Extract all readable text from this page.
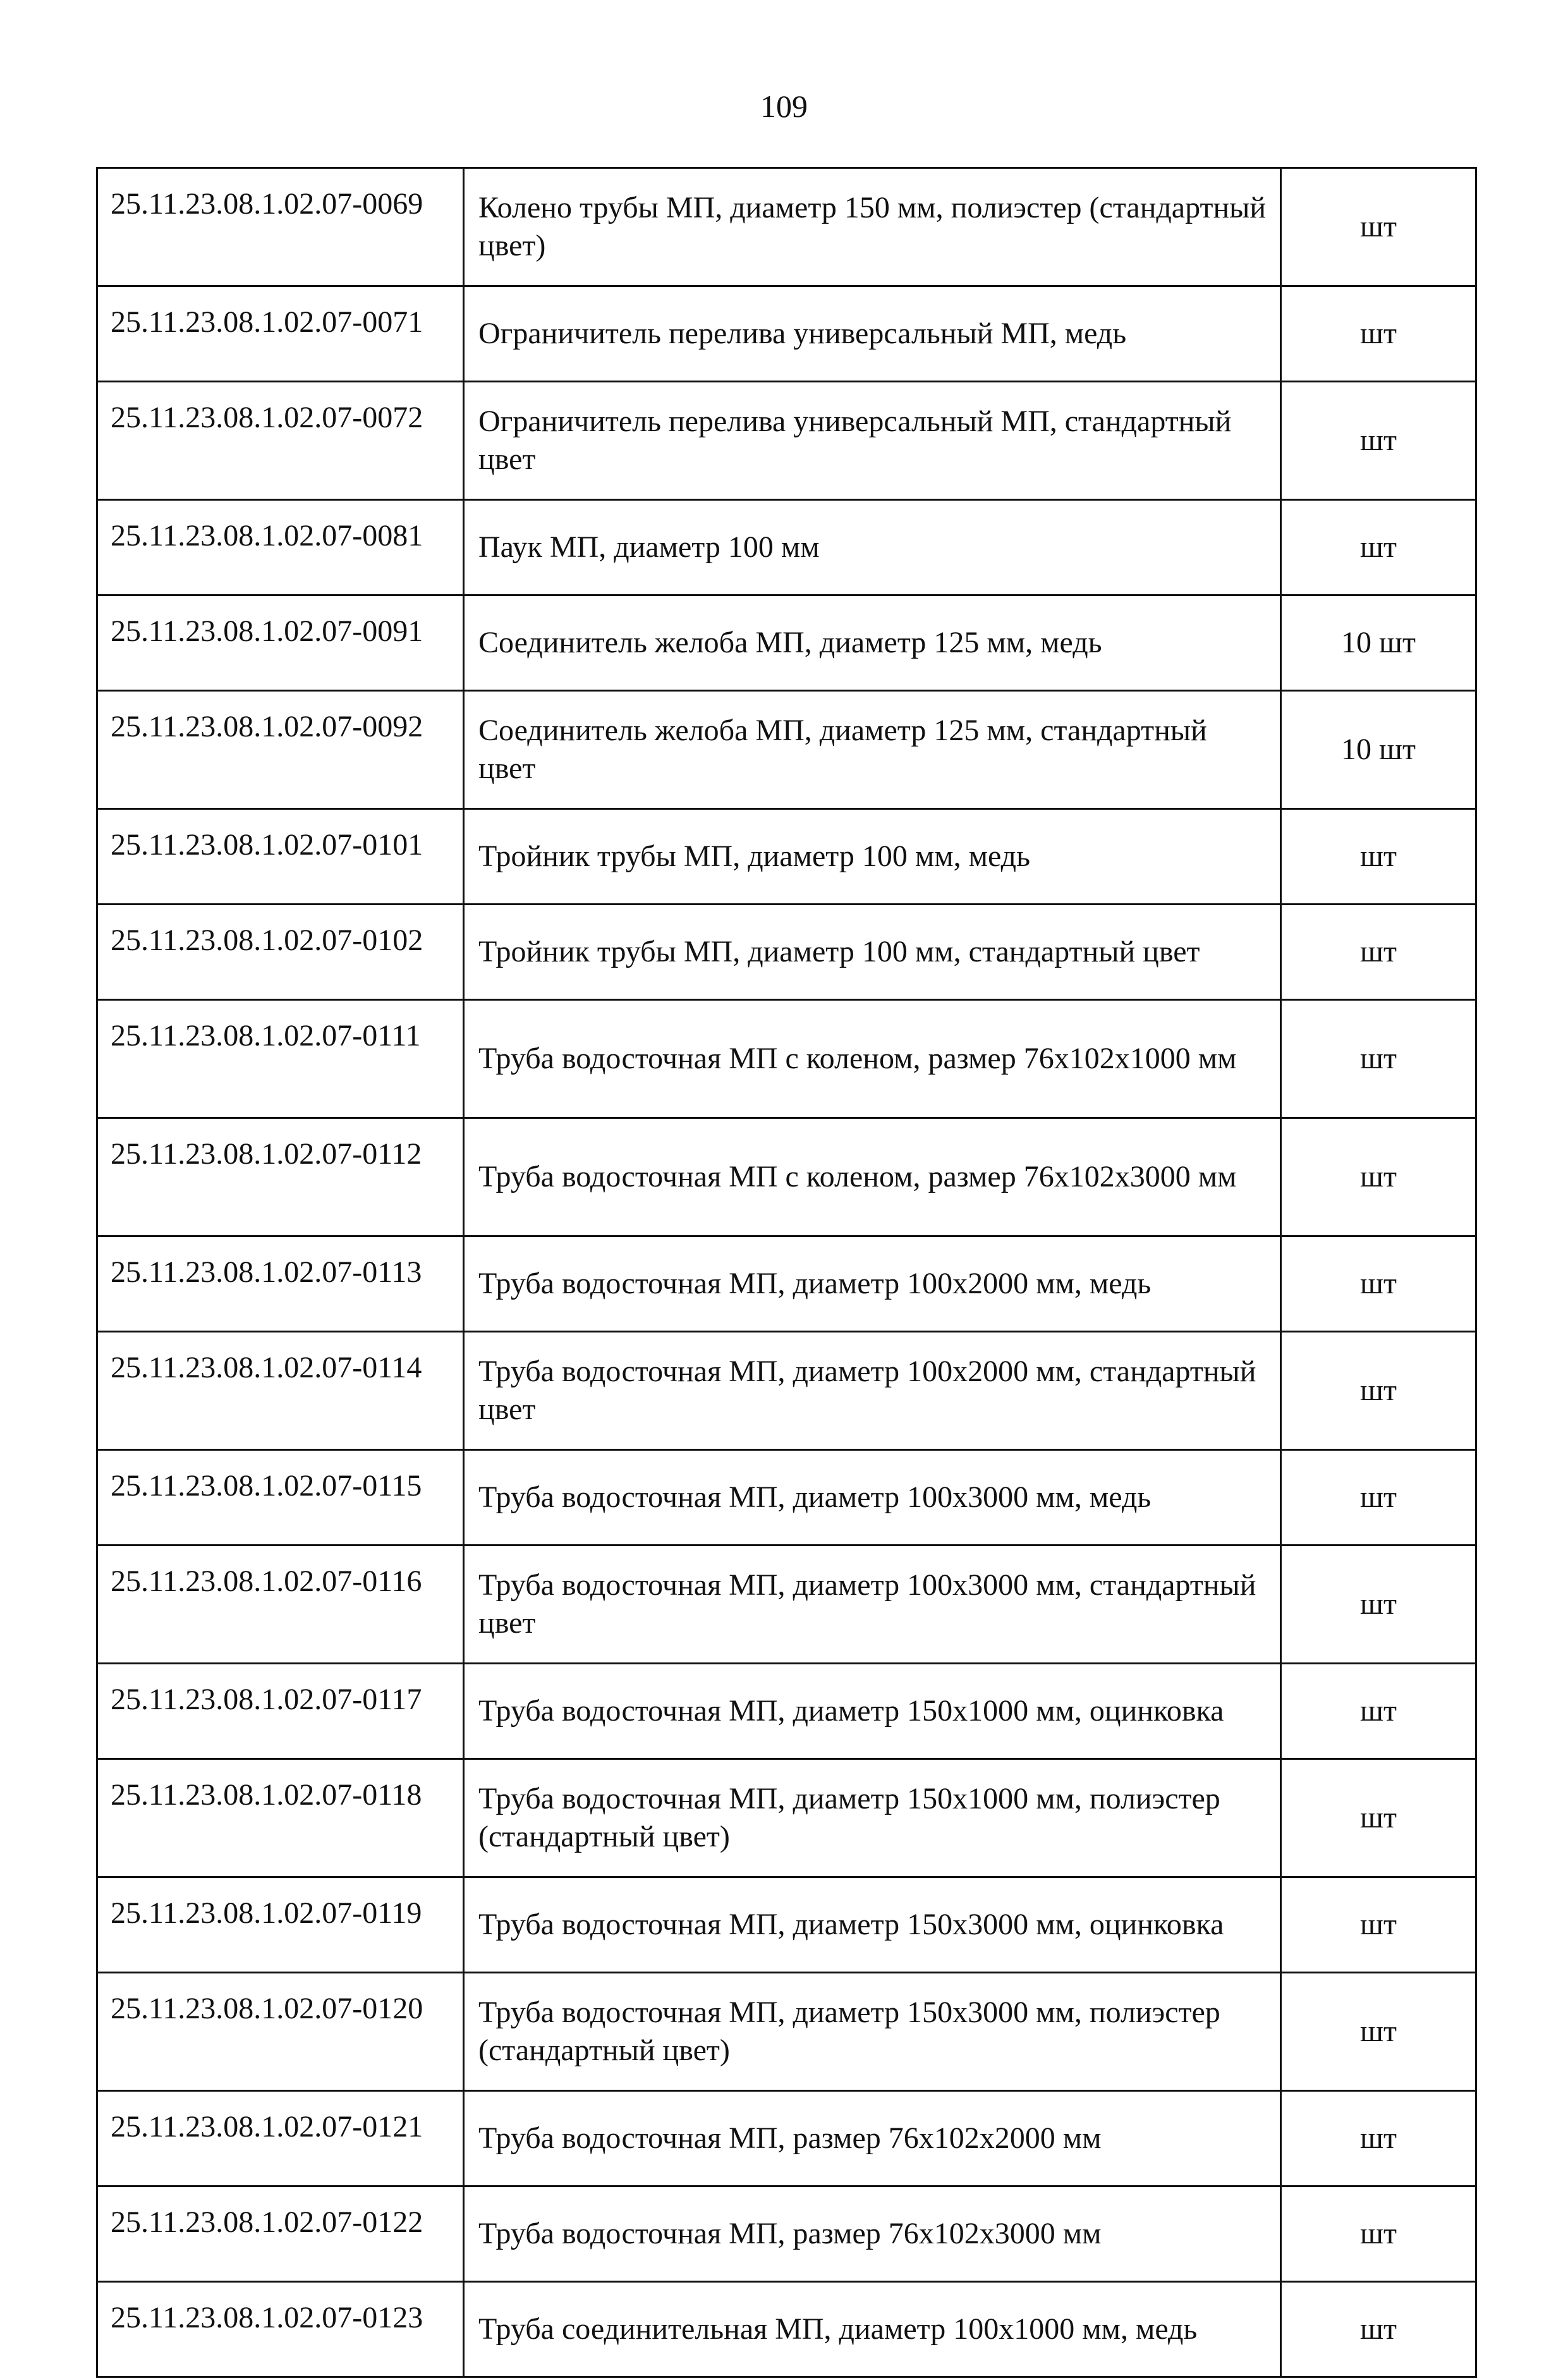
109
25.11.23.08.1.02.07-0069	Колено трубы МП, диаметр 150 мм, полиэстер (стандартный цвет)	шт
25.11.23.08.1.02.07-0071	Ограничитель перелива универсальный МП, медь	шт
25.11.23.08.1.02.07-0072	Ограничитель перелива универсальный МП, стандартный цвет	шт
25.11.23.08.1.02.07-0081	Паук МП, диаметр 100 мм	шт
25.11.23.08.1.02.07-0091	Соединитель желоба МП, диаметр 125 мм, медь	10 шт
25.11.23.08.1.02.07-0092	Соединитель желоба МП, диаметр 125 мм, стандартный цвет	10 шт
25.11.23.08.1.02.07-0101	Тройник трубы МП, диаметр 100 мм, медь	шт
25.11.23.08.1.02.07-0102	Тройник трубы МП, диаметр 100 мм, стандартный цвет	шт
25.11.23.08.1.02.07-0111	Труба водосточная МП с коленом, размер 76х102х1000 мм	шт
25.11.23.08.1.02.07-0112	Труба водосточная МП с коленом, размер 76х102х3000 мм	шт
25.11.23.08.1.02.07-0113	Труба водосточная МП, диаметр 100х2000 мм, медь	шт
25.11.23.08.1.02.07-0114	Труба водосточная МП, диаметр 100х2000 мм, стандартный цвет	шт
25.11.23.08.1.02.07-0115	Труба водосточная МП, диаметр 100х3000 мм, медь	шт
25.11.23.08.1.02.07-0116	Труба водосточная МП, диаметр 100х3000 мм, стандартный цвет	шт
25.11.23.08.1.02.07-0117	Труба водосточная МП, диаметр 150х1000 мм, оцинковка	шт
25.11.23.08.1.02.07-0118	Труба водосточная МП, диаметр 150х1000 мм, полиэстер (стандартный цвет)	шт
25.11.23.08.1.02.07-0119	Труба водосточная МП, диаметр 150х3000 мм, оцинковка	шт
25.11.23.08.1.02.07-0120	Труба водосточная МП, диаметр 150х3000 мм, полиэстер (стандартный цвет)	шт
25.11.23.08.1.02.07-0121	Труба водосточная МП, размер 76х102х2000 мм	шт
25.11.23.08.1.02.07-0122	Труба водосточная МП, размер 76х102х3000 мм	шт
25.11.23.08.1.02.07-0123	Труба соединительная МП, диаметр 100х1000 мм, медь	шт
